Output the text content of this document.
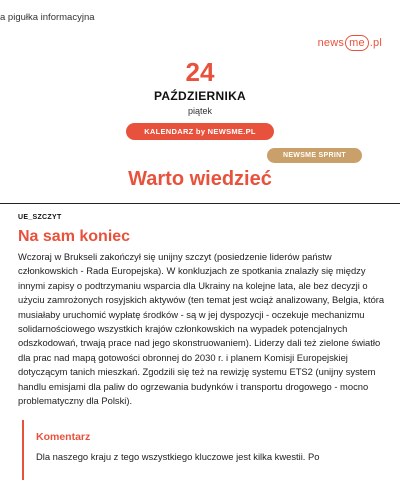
a pigułka informacyjna
news me .pl
24
PAŹDZIERNIKA
piątek
KALENDARZ by NEWSME.PL
NEWSME SPRINT
Warto wiedzieć
UE_SZCZYT
Na sam koniec

Wczoraj w Brukseli zakończył się unijny szczyt (posiedzenie liderów państw członkowskich - Rada Europejska). W konkluzjach ze spotkania znalazły się między innymi zapisy o podtrzymaniu wsparcia dla Ukrainy na kolejne lata, ale bez decyzji o użyciu zamrożonych rosyjskich aktywów (ten temat jest wciąż analizowany, Belgia, która musiałaby uruchomić wypłatę środków - są w jej dyspozycji - oczekuje mechanizmu solidarnościowego wszystkich krajów członkowskich na wypadek potencjalnych odszkodowań, trwają prace nad jego skonstruowaniem). Liderzy dali też zielone światło dla prac nad mapą gotowości obronnej do 2030 r. i planem Komisji Europejskiej dotyczącym tanich mieszkań. Zgodzili się też na rewizję systemu ETS2 (unijny system handlu emisjami dla paliw do ogrzewania budynków i transportu drogowego - mocno problematyczny dla Polski).

Komentarz
Dla naszego kraju z tego wszystkiego kluczowe jest kilka kwestii. Po
